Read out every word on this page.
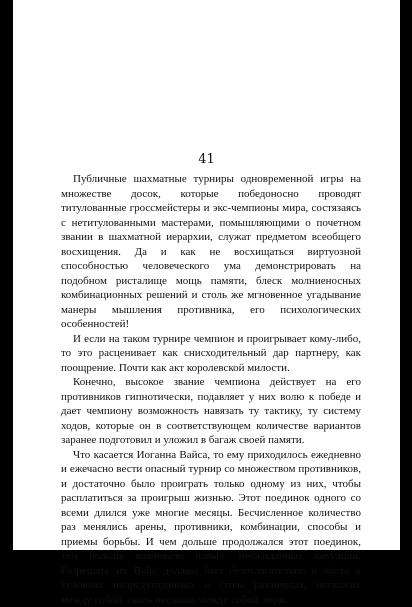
41

Публичные шахматные турниры одновременной игры на множестве досок, которые победоносно проводят титулованные гроссмейстеры и экс-чемпионы мира, состязаясь с нетитулованными мастерами, помышляющими о почетном звании в шахматной иерархии, служат предметом всеобщего восхищения. Да и как не восхищаться виртуозной способностью человеческого ума демонстрировать на подобном ристалище мощь памяти, блеск молниеносных комбинационных решений и столь же мгновенное угадывание манеры мышления противника, его психологических особенностей!

И если на таком турнире чемпион и проигрывает кому-либо, то это расценивает как снисходительный дар партнеру, как поощрение. Почти как акт королевской милости.

Конечно, высокое звание чемпиона действует на его противников гипнотически, подавляет у них волю к победе и дает чемпиону возможность навязать ту тактику, ту систему ходов, которые он в соответствующем количестве вариантов заранее подготовил и уложил в багаж своей памяти.

Что касается Иоганна Вайса, то ему приходилось ежедневно и ежечасно вести опасный турнир со множеством противников, и достаточно было проиграть только одному из них, чтобы расплатиться за проигрыш жизнью. Этот поединок одного со всеми длился уже многие месяцы. Бесчисленное количество раз менялись арены, противники, комбинации, способы и приемы борьбы. И чем дольше продолжался этот поединок, тем больше возникало новых, неожиданных ситуаций. Разрешать их Вайс должен был безотлагательно и часто в условиях непредугаданных и столь различных, несхожих между собой, сколь несхожи между собой люди.
